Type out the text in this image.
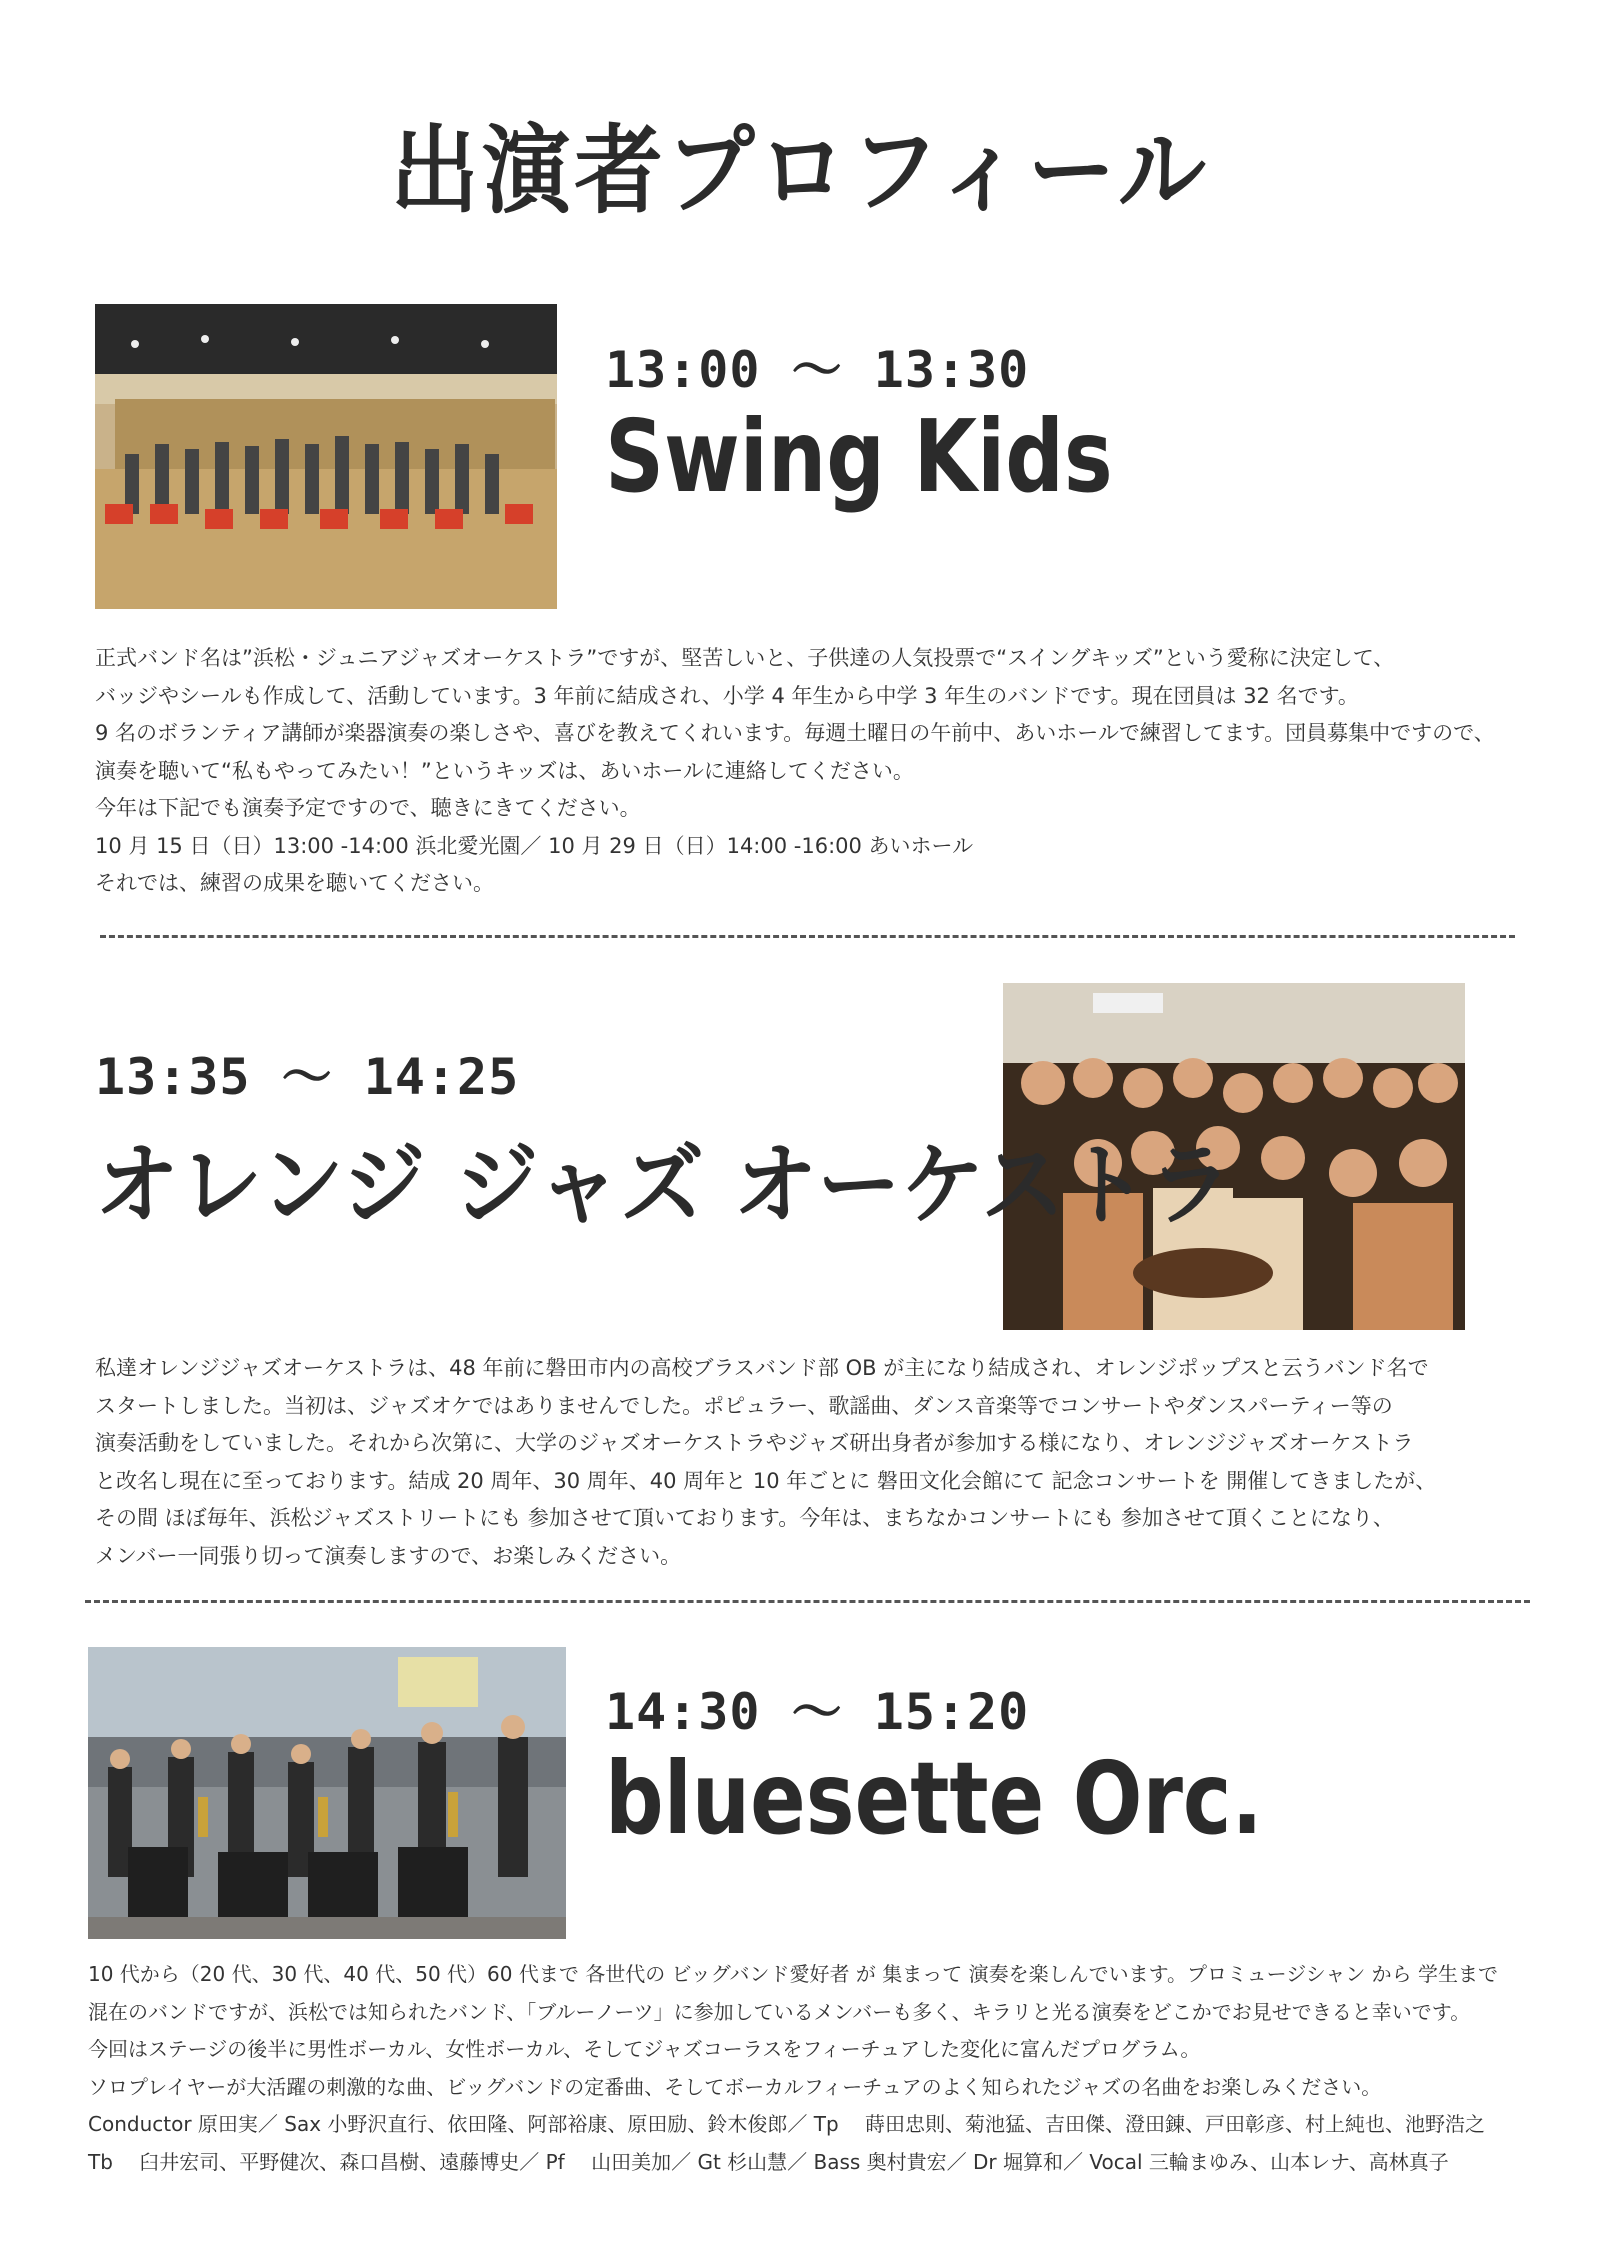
出演者プロフィール
13:00 ～ 13:30
Swing Kids

正式バンド名は”浜松・ジュニアジャズオーケストラ”ですが、堅苦しいと、子供達の人気投票で“スイングキッズ”という愛称に決定して、

バッジやシールも作成して、活動しています。3 年前に結成され、小学 4 年生から中学 3 年生のバンドです。現在団員は 32 名です。

9 名のボランティア講師が楽器演奏の楽しさや、喜びを教えてくれいます。毎週土曜日の午前中、あいホールで練習してます。団員募集中ですので、

演奏を聴いて“私もやってみたい！”というキッズは、あいホールに連絡してください。

今年は下記でも演奏予定ですので、聴きにきてください。

10 月 15 日（日）13:00 -14:00 浜北愛光園／ 10 月 29 日（日）14:00 -16:00 あいホール

それでは、練習の成果を聴いてください。

13:35 ～ 14:25
オレンジ ジャズ オーケストラ

私達オレンジジャズオーケストラは、48 年前に磐田市内の高校ブラスバンド部 OB が主になり結成され、オレンジポップスと云うバンド名で

スタートしました。当初は、ジャズオケではありませんでした。ポピュラー、歌謡曲、ダンス音楽等でコンサートやダンスパーティー等の

演奏活動をしていました。それから次第に、大学のジャズオーケストラやジャズ研出身者が参加する様になり、オレンジジャズオーケストラ

と改名し現在に至っております。結成 20 周年、30 周年、40 周年と 10 年ごとに 磐田文化会館にて 記念コンサートを 開催してきましたが、

その間 ほぼ毎年、浜松ジャズストリートにも 参加させて頂いております。今年は、まちなかコンサートにも 参加させて頂くことになり、

メンバー一同張り切って演奏しますので、お楽しみください。

14:30 ～ 15:20
bluesette Orc.

10 代から（20 代、30 代、40 代、50 代）60 代まで 各世代の ビッグバンド愛好者 が 集まって 演奏を楽しんでいます。プロミュージシャン から 学生まで

混在のバンドですが、浜松では知られたバンド、「ブルーノーツ」に参加しているメンバーも多く、キラリと光る演奏をどこかでお見せできると幸いです。

今回はステージの後半に男性ボーカル、女性ボーカル、そしてジャズコーラスをフィーチュアした変化に富んだプログラム。

ソロプレイヤーが大活躍の刺激的な曲、ビッグバンドの定番曲、そしてボーカルフィーチュアのよく知られたジャズの名曲をお楽しみください。

Conductor 原田実／ Sax 小野沢直行、依田隆、阿部裕康、原田励、鈴木俊郎／ Tp 　蒔田忠則、菊池猛、吉田傑、澄田錬、戸田彰彦、村上純也、池野浩之

Tb 　臼井宏司、平野健次、森口昌樹、遠藤博史／ Pf 　山田美加／ Gt 杉山慧／ Bass 奥村貴宏／ Dr 堀算和／ Vocal 三輪まゆみ、山本レナ、高林真子
